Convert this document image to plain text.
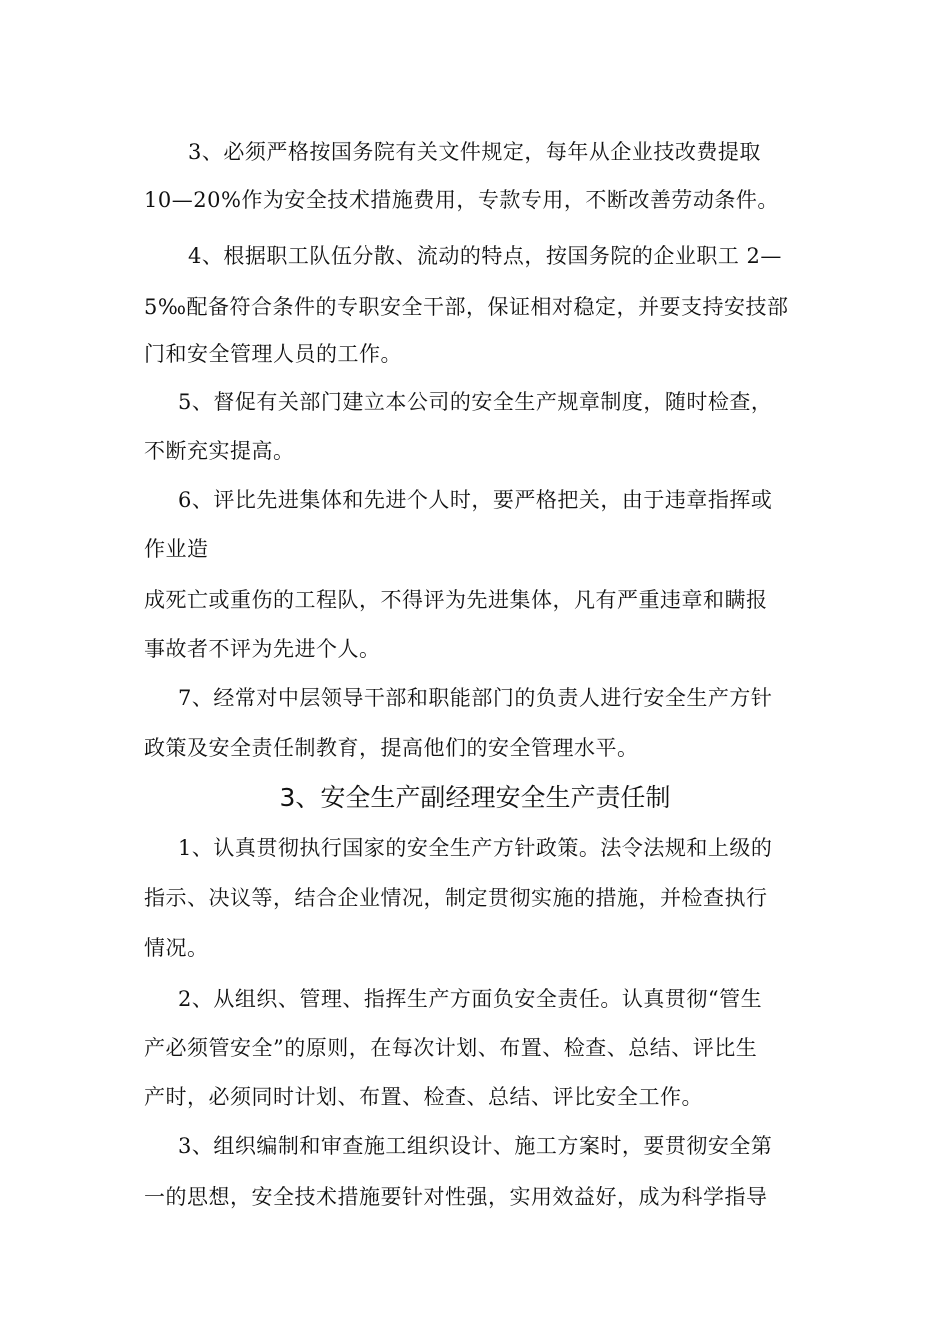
3、必须严格按国务院有关文件规定，每年从企业技改费提取
10—20%作为安全技术措施费用，专款专用，不断改善劳动条件。
4、根据职工队伍分散、流动的特点，按国务院的企业职工 2—
5‰配备符合条件的专职安全干部，保证相对稳定，并要支持安技部
门和安全管理人员的工作。
5、督促有关部门建立本公司的安全生产规章制度，随时检查，
不断充实提高。
6、评比先进集体和先进个人时，要严格把关，由于违章指挥或
作业造
成死亡或重伤的工程队，不得评为先进集体，凡有严重违章和瞒报
事故者不评为先进个人。
7、经常对中层领导干部和职能部门的负责人进行安全生产方针
政策及安全责任制教育，提高他们的安全管理水平。
3、安全生产副经理安全生产责任制
1、认真贯彻执行国家的安全生产方针政策。法令法规和上级的
指示、决议等，结合企业情况，制定贯彻实施的措施，并检查执行
情况。
2、从组织、管理、指挥生产方面负安全责任。认真贯彻“管生
产必须管安全”的原则，在每次计划、布置、检查、总结、评比生
产时，必须同时计划、布置、检查、总结、评比安全工作。
3、组织编制和审查施工组织设计、施工方案时，要贯彻安全第
一的思想，安全技术措施要针对性强，实用效益好，成为科学指导
